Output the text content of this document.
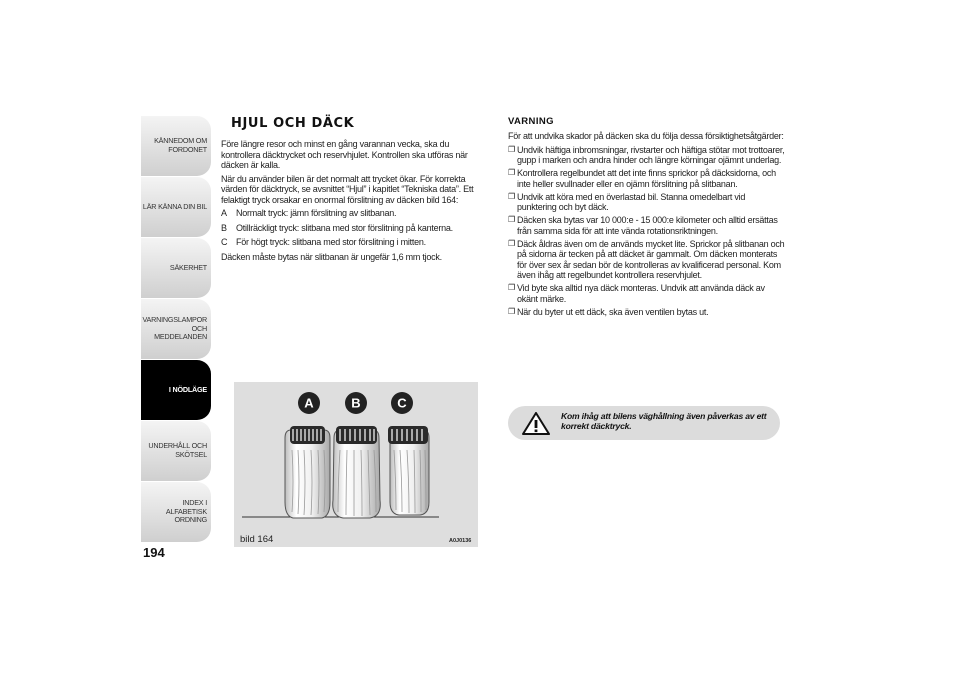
KÄNNEDOM OM FORDONET
LÄR KÄNNA DIN BIL
SÄKERHET
VARNINGSLAMPOR OCH MEDDELANDEN
I NÖDLÄGE
UNDERHÅLL OCH SKÖTSEL
INDEX I ALFABETISK ORDNING
194
HJUL OCH DÄCK

Före längre resor och minst en gång varannan vecka, ska du kontrollera däcktrycket och reservhjulet. Kontrollen ska utföras när däcken är kalla.

När du använder bilen är det normalt att trycket ökar. För korrekta värden för däcktryck, se avsnittet “Hjul” i kapitlet “Tekniska data”. Ett felaktigt tryck orsakar en onormal förslitning av däcken bild 164:

A	Normalt tryck: jämn förslitning av slitbanan.
B	Otillräckligt tryck: slitbana med stor förslitning på kanterna.
C För högt tryck: slitbana med stor förslitning i mitten.

Däcken måste bytas när slitbanan är ungefär 1,6 mm tjock.

A	B	C
bild 164	A0J0136
VARNING

För att undvika skador på däcken ska du följa dessa försiktighetsåtgärder:

❐ Undvik häftiga inbromsningar, rivstarter och häftiga stötar mot trottoarer, gupp i marken och andra hinder och längre körningar ojämnt underlag.
❐ Kontrollera regelbundet att det inte finns sprickor på däcksidorna, och inte heller svullnader eller en ojämn förslitning på slitbanan.
❐ Undvik att köra med en överlastad bil. Stanna omedelbart vid punktering och byt däck.
❐ Däcken ska bytas var 10 000:e - 15 000:e kilometer och alltid ersättas från samma sida för att inte vända rotationsriktningen.
❐ Däck åldras även om de används mycket lite. Sprickor på slitbanan och på sidorna är tecken på att däcket är gammalt. Om däcken monterats för över sex år sedan bör de kontrolleras av kvalificerad personal. Kom även ihåg att regelbundet kontrollera reservhjulet.
❐ Vid byte ska alltid nya däck monteras. Undvik att använda däck av okänt märke.
❐ När du byter ut ett däck, ska även ventilen bytas ut.
Kom ihåg att bilens väghållning även påverkas av ett korrekt däcktryck.
